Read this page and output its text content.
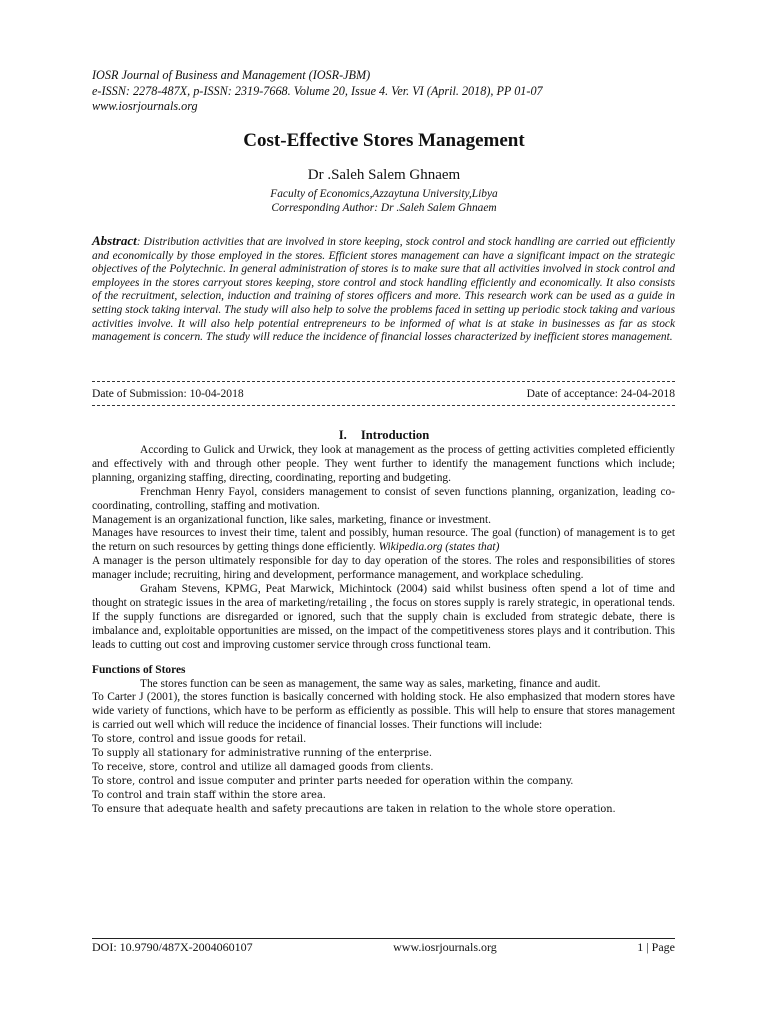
IOSR Journal of Business and Management (IOSR-JBM)
e-ISSN: 2278-487X, p-ISSN: 2319-7668. Volume 20, Issue 4. Ver. VI (April. 2018), PP 01-07
www.iosrjournals.org
Cost-Effective Stores Management
Dr .Saleh Salem Ghnaem
Faculty of Economics,Azzaytuna University,Libya
Corresponding Author: Dr .Saleh Salem Ghnaem
Abstract: Distribution activities that are involved in store keeping, stock control and stock handling are carried out efficiently and economically by those employed in the stores. Efficient stores management can have a significant impact on the strategic objectives of the Polytechnic. In general administration of stores is to make sure that all activities involved in stock control and employees in the stores carryout stores keeping, store control and stock handling efficiently and economically. It also consists of the recruitment, selection, induction and training of stores officers and more. This research work can be used as a guide in setting stock taking interval. The study will also help to solve the problems faced in setting up periodic stock taking and various activities involve. It will also help potential entrepreneurs to be informed of what is at stake in businesses as far as stock management is concern. The study will reduce the incidence of financial losses characterized by inefficient stores management.
Date of Submission: 10-04-2018	Date of acceptance: 24-04-2018
I. Introduction

According to Gulick and Urwick, they look at management as the process of getting activities completed efficiently and effectively with and through other people. They went further to identify the management functions which include; planning, organizing staffing, directing, coordinating, reporting and budgeting.

Frenchman Henry Fayol, considers management to consist of seven functions planning, organization, leading co-coordinating, controlling, staffing and motivation.

Management is an organizational function, like sales, marketing, finance or investment.

Manages have resources to invest their time, talent and possibly, human resource. The goal (function) of management is to get the return on such resources by getting things done efficiently. Wikipedia.org (states that)

A manager is the person ultimately responsible for day to day operation of the stores. The roles and responsibilities of stores manager include; recruiting, hiring and development, performance management, and workplace scheduling.

Graham Stevens, KPMG, Peat Marwick, Michintock (2004) said whilst business often spend a lot of time and thought on strategic issues in the area of marketing/retailing , the focus on stores supply is rarely strategic, in operational tends. If the supply functions are disregarded or ignored, such that the supply chain is excluded from strategic debate, there is imbalance and, exploitable opportunities are missed, on the impact of the competitiveness stores plays and it contribution. This leads to cutting out cost and improving customer service through cross functional team.

Functions of Stores

The stores function can be seen as management, the same way as sales, marketing, finance and audit.

To Carter J (2001), the stores function is basically concerned with holding stock. He also emphasized that modern stores have wide variety of functions, which have to be perform as efficiently as possible. This will help to ensure that stores management is carried out well which will reduce the incidence of financial losses. Their functions will include:

To store, control and issue goods for retail.
To supply all stationary for administrative running of the enterprise.
To receive, store, control and utilize all damaged goods from clients.
To store, control and issue computer and printer parts needed for operation within the company.
To control and train staff within the store area.
To ensure that adequate health and safety precautions are taken in relation to the whole store operation.
DOI: 10.9790/487X-2004060107	www.iosrjournals.org	1 | Page
